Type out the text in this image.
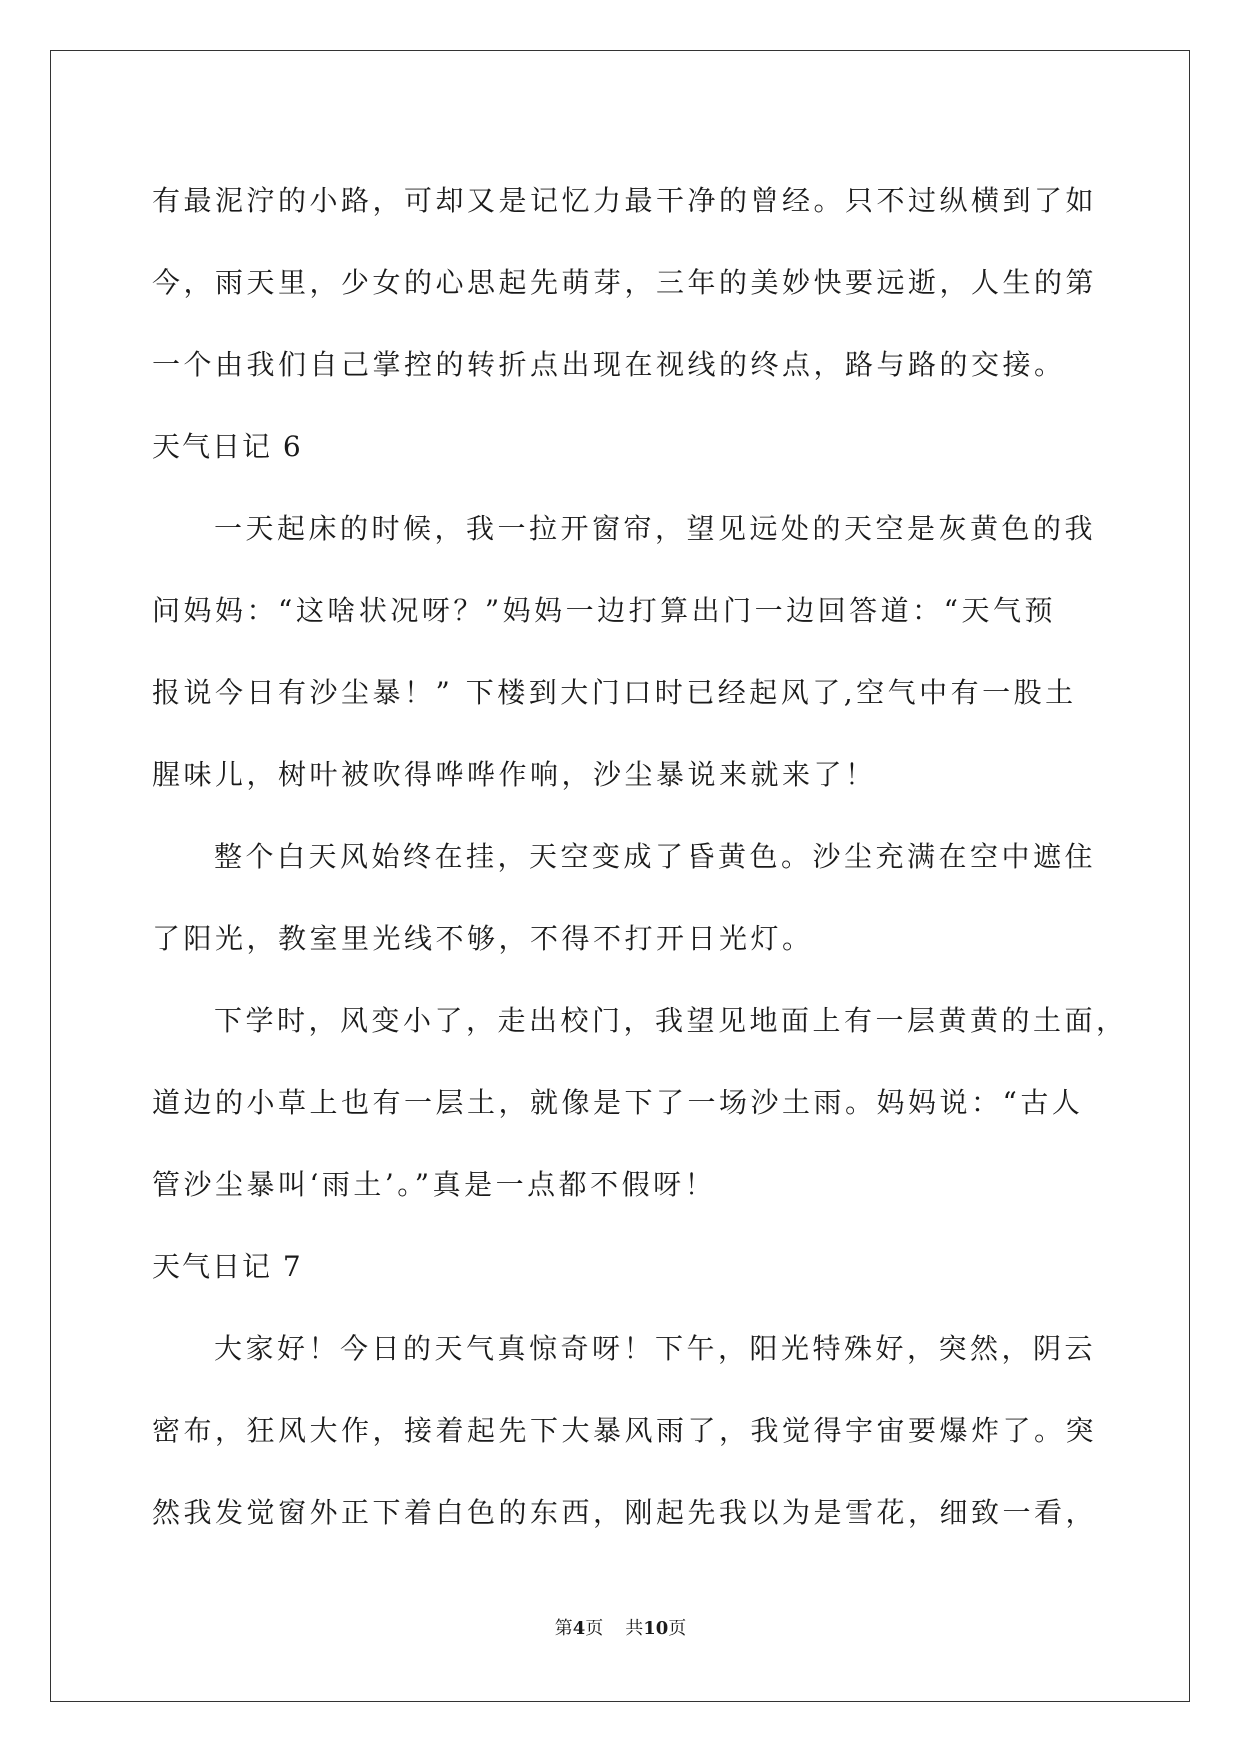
有最泥泞的小路，可却又是记忆力最干净的曾经。只不过纵横到了如

今，雨天里，少女的心思起先萌芽，三年的美妙快要远逝，人生的第

一个由我们自己掌控的转折点出现在视线的终点，路与路的交接。

天气日记 6

一天起床的时候，我一拉开窗帘，望见远处的天空是灰黄色的我

问妈妈：“这啥状况呀？”妈妈一边打算出门一边回答道：“天气预

报说今日有沙尘暴！” 下楼到大门口时已经起风了,空气中有一股土

腥味儿，树叶被吹得哗哗作响，沙尘暴说来就来了！

整个白天风始终在挂，天空变成了昏黄色。沙尘充满在空中遮住

了阳光，教室里光线不够，不得不打开日光灯。

下学时，风变小了，走出校门，我望见地面上有一层黄黄的土面，

道边的小草上也有一层土，就像是下了一场沙土雨。妈妈说：“古人

管沙尘暴叫‘雨土’。”真是一点都不假呀！

天气日记 7

大家好！今日的天气真惊奇呀！下午，阳光特殊好，突然，阴云

密布，狂风大作，接着起先下大暴风雨了，我觉得宇宙要爆炸了。突

然我发觉窗外正下着白色的东西，刚起先我以为是雪花，细致一看，

第4页 共10页
